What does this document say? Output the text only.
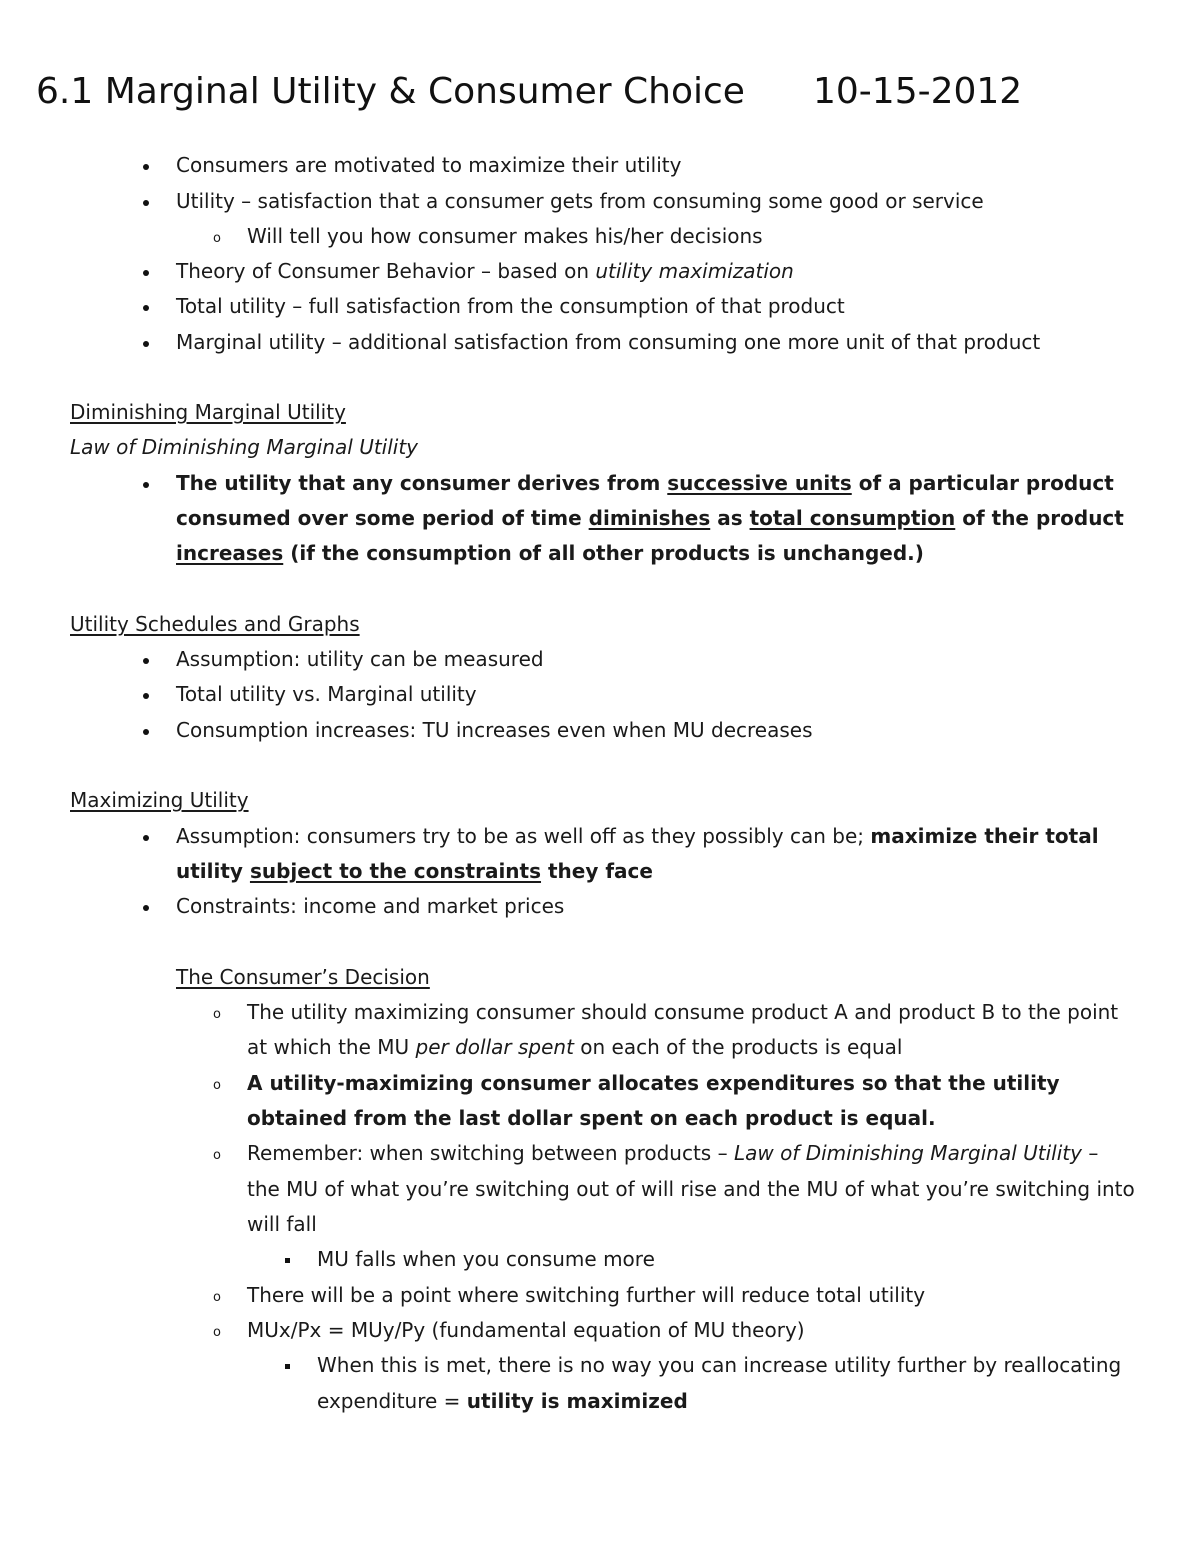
6.1 Marginal Utility & Consumer Choice 10-15-2012
Consumers are motivated to maximize their utility
Utility – satisfaction that a consumer gets from consuming some good or service
o Will tell you how consumer makes his/her decisions
Theory of Consumer Behavior – based on utility maximization
Total utility – full satisfaction from the consumption of that product
Marginal utility – additional satisfaction from consuming one more unit of that product
Diminishing Marginal Utility
Law of Diminishing Marginal Utility
The utility that any consumer derives from successive units of a particular product
consumed over some period of time diminishes as total consumption of the product
increases (if the consumption of all other products is unchanged.)
Utility Schedules and Graphs
Assumption: utility can be measured
Total utility vs. Marginal utility
Consumption increases: TU increases even when MU decreases
Maximizing Utility
Assumption: consumers try to be as well off as they possibly can be; maximize their total
utility subject to the constraints they face
Constraints: income and market prices
The Consumer’s Decision
o The utility maximizing consumer should consume product A and product B to the point
at which the MU per dollar spent on each of the products is equal
o A utility-maximizing consumer allocates expenditures so that the utility
obtained from the last dollar spent on each product is equal.
o Remember: when switching between products – Law of Diminishing Marginal Utility –
the MU of what you’re switching out of will rise and the MU of what you’re switching into
will fall
MU falls when you consume more
o There will be a point where switching further will reduce total utility
o MUx/Px = MUy/Py (fundamental equation of MU theory)
When this is met, there is no way you can increase utility further by reallocating
expenditure = utility is maximized
